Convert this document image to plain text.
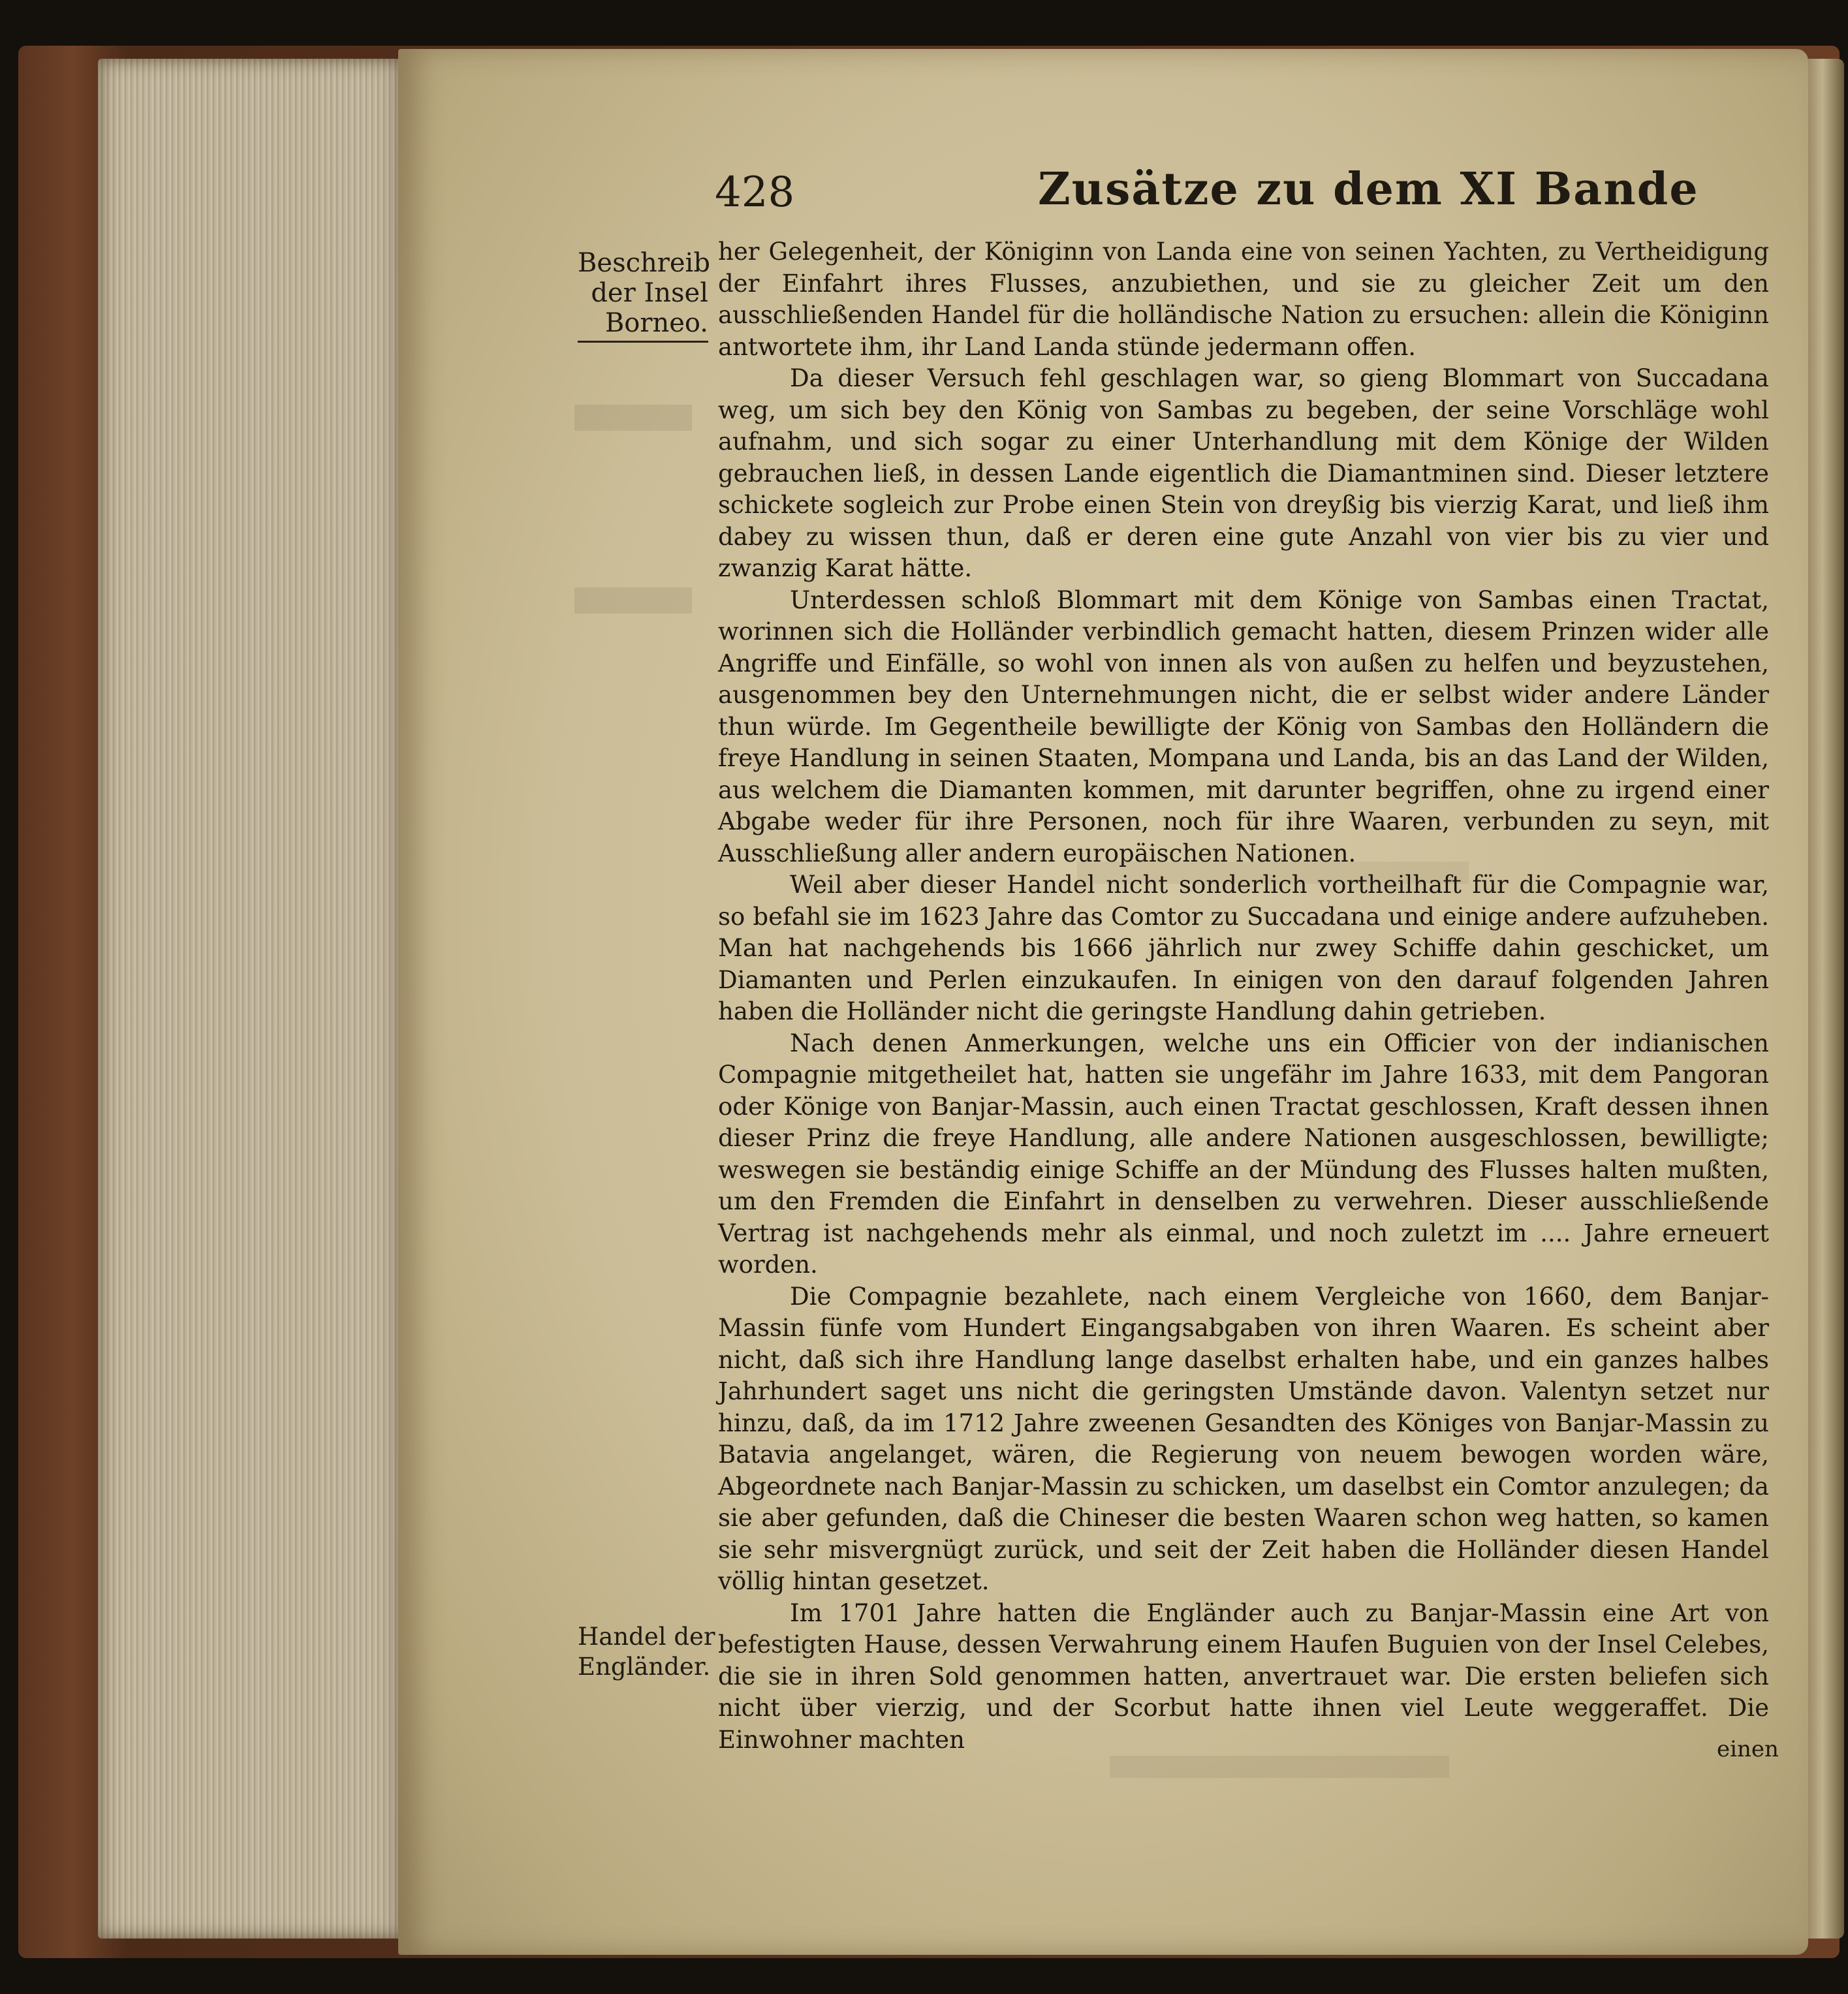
428	Zusätze zu dem XI Bande
Beschreib
der Insel
Borneo.
Handel der
Engländer.

her Gelegenheit, der Königinn von Landa eine von seinen Yachten, zu Vertheidigung der Einfahrt ihres Flusses, anzubiethen, und sie zu gleicher Zeit um den ausschließenden Handel für die holländische Nation zu ersuchen: allein die Königinn antwortete ihm, ihr Land Landa stünde jedermann offen.

Da dieser Versuch fehl geschlagen war, so gieng Blommart von Succadana weg, um sich bey den König von Sambas zu begeben, der seine Vorschläge wohl aufnahm, und sich sogar zu einer Unterhandlung mit dem Könige der Wilden gebrauchen ließ, in dessen Lande eigentlich die Diamantminen sind. Dieser letztere schickete sogleich zur Probe einen Stein von dreyßig bis vierzig Karat, und ließ ihm dabey zu wissen thun, daß er deren eine gute Anzahl von vier bis zu vier und zwanzig Karat hätte.

Unterdessen schloß Blommart mit dem Könige von Sambas einen Tractat, worinnen sich die Holländer verbindlich gemacht hatten, diesem Prinzen wider alle Angriffe und Einfälle, so wohl von innen als von außen zu helfen und beyzustehen, ausgenommen bey den Unternehmungen nicht, die er selbst wider andere Länder thun würde. Im Gegentheile bewilligte der König von Sambas den Holländern die freye Handlung in seinen Staaten, Mompana und Landa, bis an das Land der Wilden, aus welchem die Diamanten kommen, mit darunter begriffen, ohne zu irgend einer Abgabe weder für ihre Personen, noch für ihre Waaren, verbunden zu seyn, mit Ausschließung aller andern europäischen Nationen.

Weil aber dieser Handel nicht sonderlich vortheilhaft für die Compagnie war, so befahl sie im 1623 Jahre das Comtor zu Succadana und einige andere aufzuheben. Man hat nachgehends bis 1666 jährlich nur zwey Schiffe dahin geschicket, um Diamanten und Perlen einzukaufen. In einigen von den darauf folgenden Jahren haben die Holländer nicht die geringste Handlung dahin getrieben.

Nach denen Anmerkungen, welche uns ein Officier von der indianischen Compagnie mitgetheilet hat, hatten sie ungefähr im Jahre 1633, mit dem Pangoran oder Könige von Banjar-Massin, auch einen Tractat geschlossen, Kraft dessen ihnen dieser Prinz die freye Handlung, alle andere Nationen ausgeschlossen, bewilligte; weswegen sie beständig einige Schiffe an der Mündung des Flusses halten mußten, um den Fremden die Einfahrt in denselben zu verwehren. Dieser ausschließende Vertrag ist nachgehends mehr als einmal, und noch zuletzt im .... Jahre erneuert worden.

Die Compagnie bezahlete, nach einem Vergleiche von 1660, dem Banjar-Massin fünfe vom Hundert Eingangsabgaben von ihren Waaren. Es scheint aber nicht, daß sich ihre Handlung lange daselbst erhalten habe, und ein ganzes halbes Jahrhundert saget uns nicht die geringsten Umstände davon. Valentyn setzet nur hinzu, daß, da im 1712 Jahre zweenen Gesandten des Königes von Banjar-Massin zu Batavia angelanget, wären, die Regierung von neuem bewogen worden wäre, Abgeordnete nach Banjar-Massin zu schicken, um daselbst ein Comtor anzulegen; da sie aber gefunden, daß die Chineser die besten Waaren schon weg hatten, so kamen sie sehr misvergnügt zurück, und seit der Zeit haben die Holländer diesen Handel völlig hintan gesetzet.

Im 1701 Jahre hatten die Engländer auch zu Banjar-Massin eine Art von befestigten Hause, dessen Verwahrung einem Haufen Buguien von der Insel Celebes, die sie in ihren Sold genommen hatten, anvertrauet war. Die ersten beliefen sich nicht über vierzig, und der Scorbut hatte ihnen viel Leute weggeraffet. Die Einwohner machten	einen
